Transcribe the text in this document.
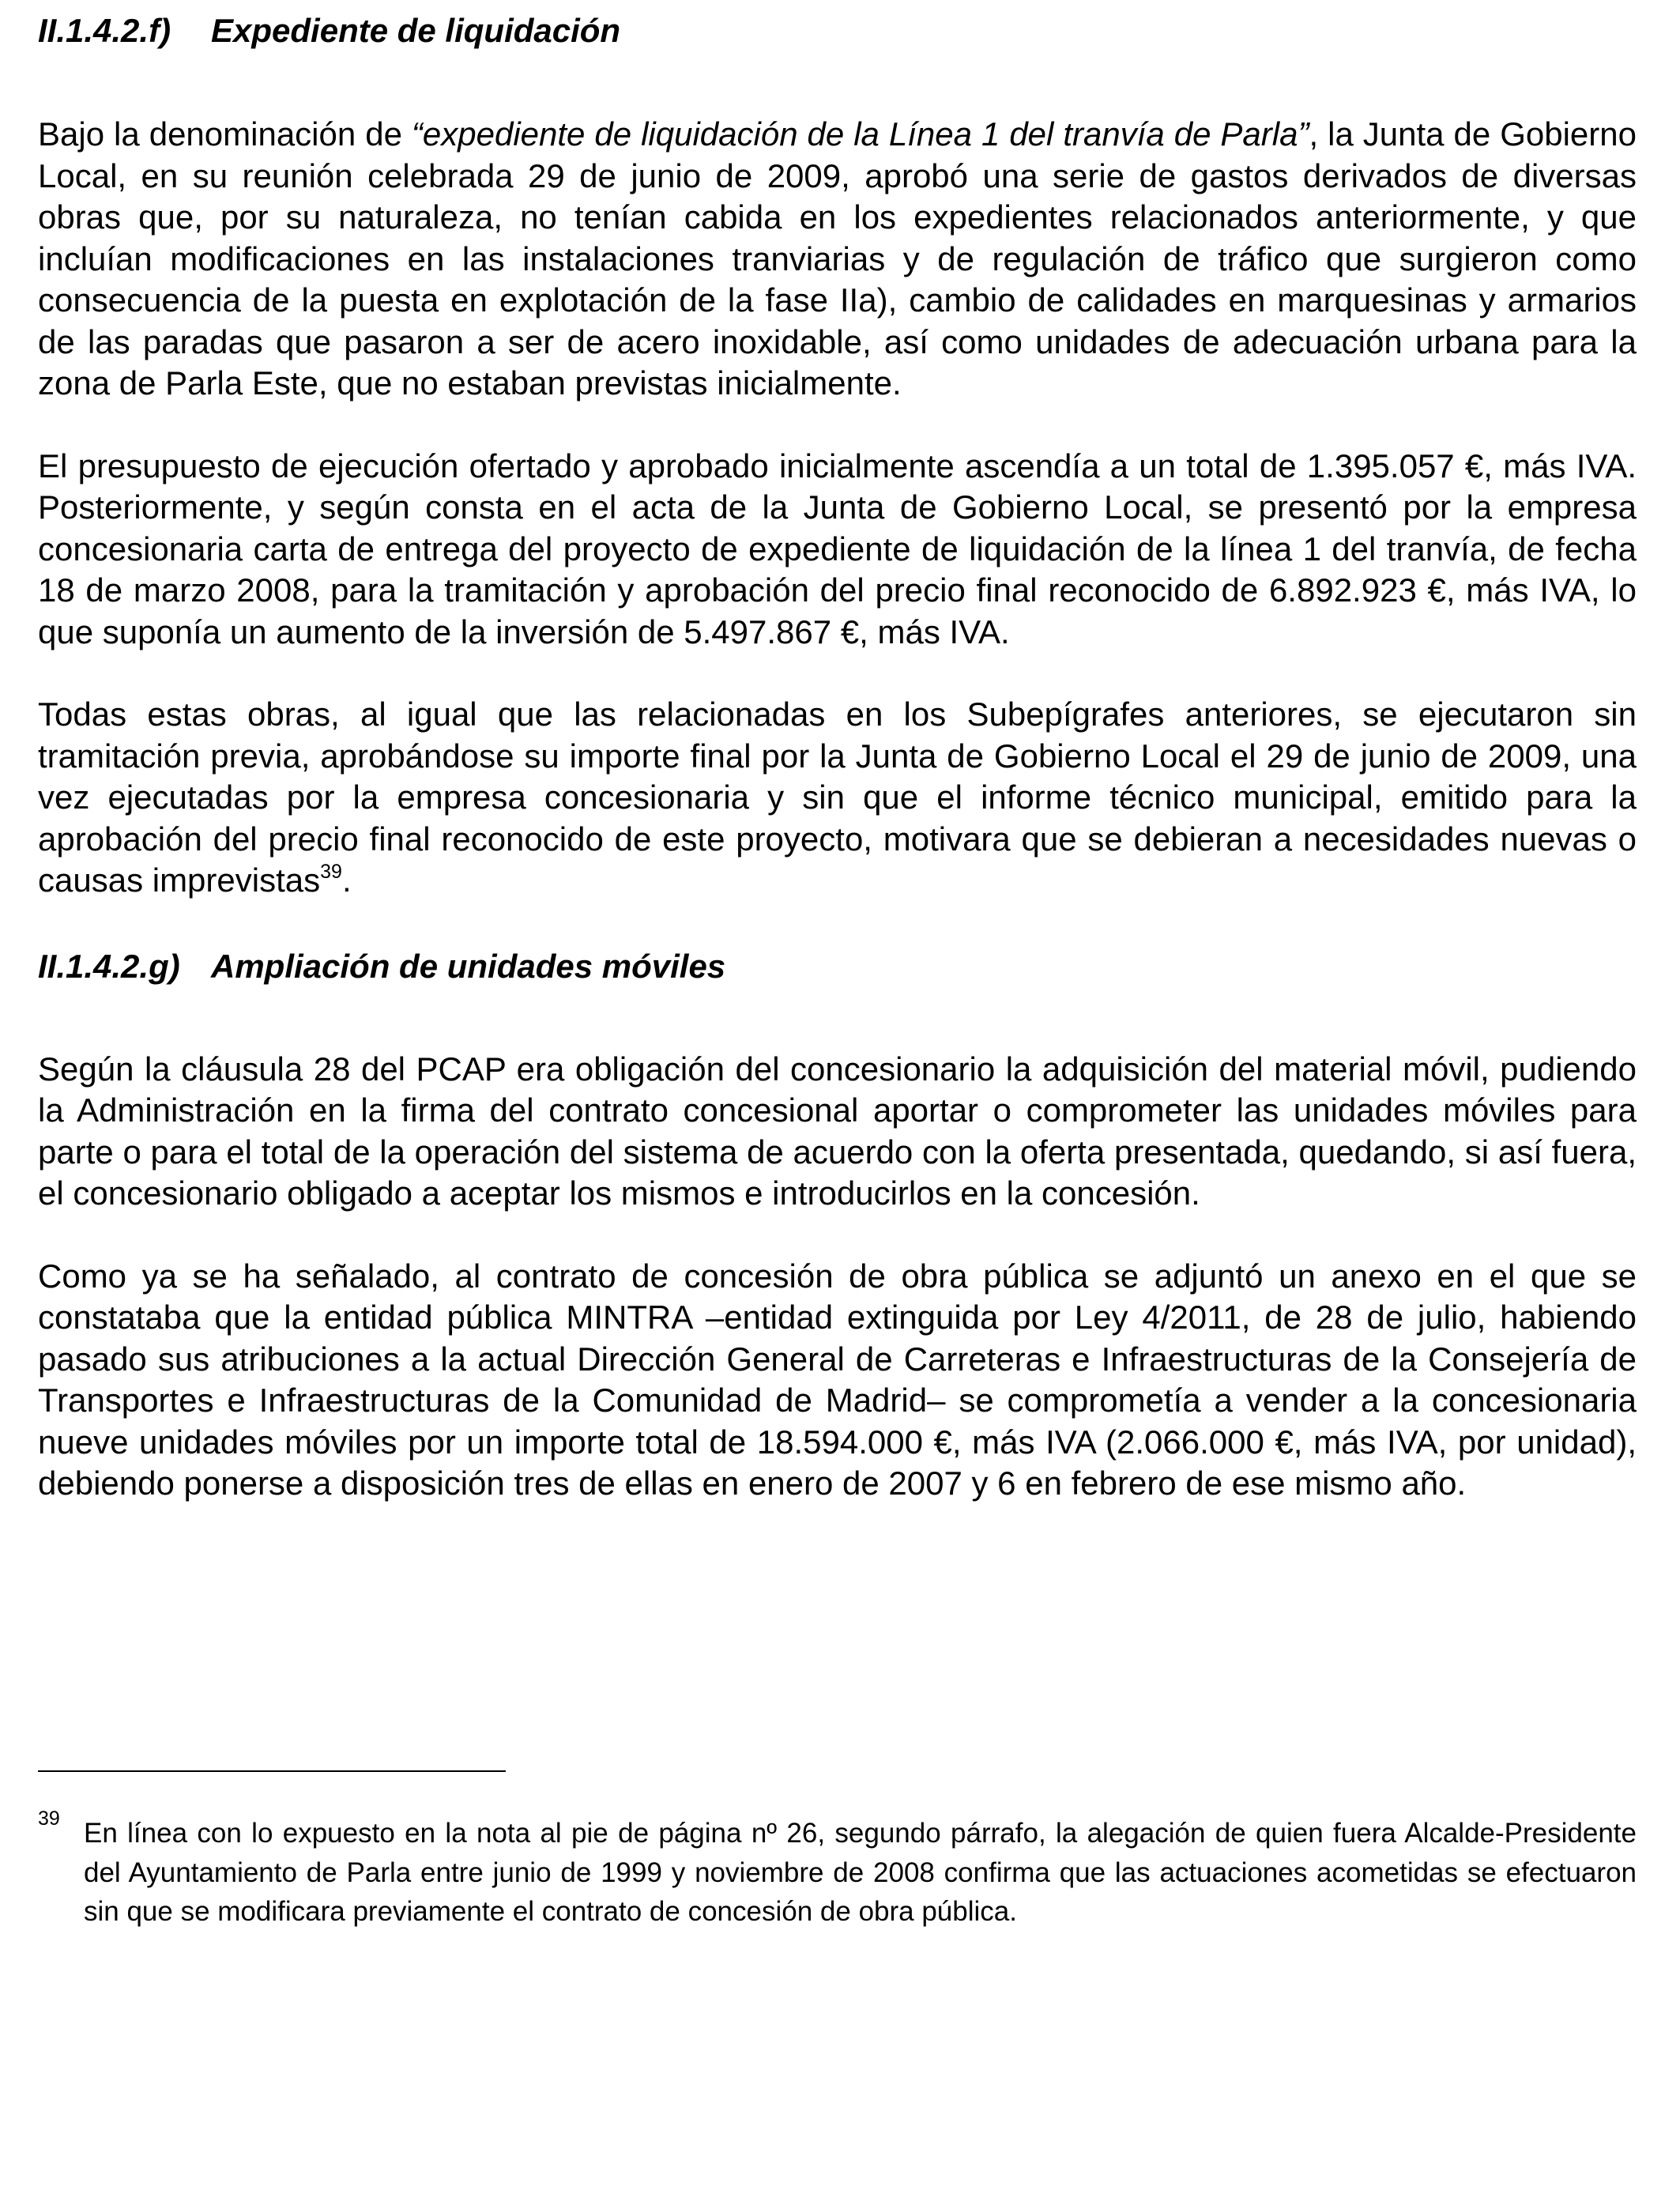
II.1.4.2.f) Expediente de liquidación

Bajo la denominación de “expediente de liquidación de la Línea 1 del tranvía de Parla”, la Junta de Gobierno Local, en su reunión celebrada 29 de junio de 2009, aprobó una serie de gastos derivados de diversas obras que, por su naturaleza, no tenían cabida en los expedientes relacionados anteriormente, y que incluían modificaciones en las instalaciones tranviarias y de regulación de tráfico que surgieron como consecuencia de la puesta en explotación de la fase IIa), cambio de calidades en marquesinas y armarios de las paradas que pasaron a ser de acero inoxidable, así como unidades de adecuación urbana para la zona de Parla Este, que no estaban previstas inicialmente.

El presupuesto de ejecución ofertado y aprobado inicialmente ascendía a un total de 1.395.057 €, más IVA. Posteriormente, y según consta en el acta de la Junta de Gobierno Local, se presentó por la empresa concesionaria carta de entrega del proyecto de expediente de liquidación de la línea 1 del tranvía, de fecha 18 de marzo 2008, para la tramitación y aprobación del precio final reconocido de 6.892.923 €, más IVA, lo que suponía un aumento de la inversión de 5.497.867 €, más IVA.

Todas estas obras, al igual que las relacionadas en los Subepígrafes anteriores, se ejecutaron sin tramitación previa, aprobándose su importe final por la Junta de Gobierno Local el 29 de junio de 2009, una vez ejecutadas por la empresa concesionaria y sin que el informe técnico municipal, emitido para la aprobación del precio final reconocido de este proyecto, motivara que se debieran a necesidades nuevas o causas imprevistas$^{39}$.

II.1.4.2.g) Ampliación de unidades móviles

Según la cláusula 28 del PCAP era obligación del concesionario la adquisición del material móvil, pudiendo la Administración en la firma del contrato concesional aportar o comprometer las unidades móviles para parte o para el total de la operación del sistema de acuerdo con la oferta presentada, quedando, si así fuera, el concesionario obligado a aceptar los mismos e introducirlos en la concesión.

Como ya se ha señalado, al contrato de concesión de obra pública se adjuntó un anexo en el que se constataba que la entidad pública MINTRA –entidad extinguida por Ley 4/2011, de 28 de julio, habiendo pasado sus atribuciones a la actual Dirección General de Carreteras e Infraestructuras de la Consejería de Transportes e Infraestructuras de la Comunidad de Madrid– se comprometía a vender a la concesionaria nueve unidades móviles por un importe total de 18.594.000 €, más IVA (2.066.000 €, más IVA, por unidad), debiendo ponerse a disposición tres de ellas en enero de 2007 y 6 en febrero de ese mismo año.

39 En línea con lo expuesto en la nota al pie de página nº 26, segundo párrafo, la alegación de quien fuera Alcalde-Presidente del Ayuntamiento de Parla entre junio de 1999 y noviembre de 2008 confirma que las actuaciones acometidas se efectuaron sin que se modificara previamente el contrato de concesión de obra pública.
